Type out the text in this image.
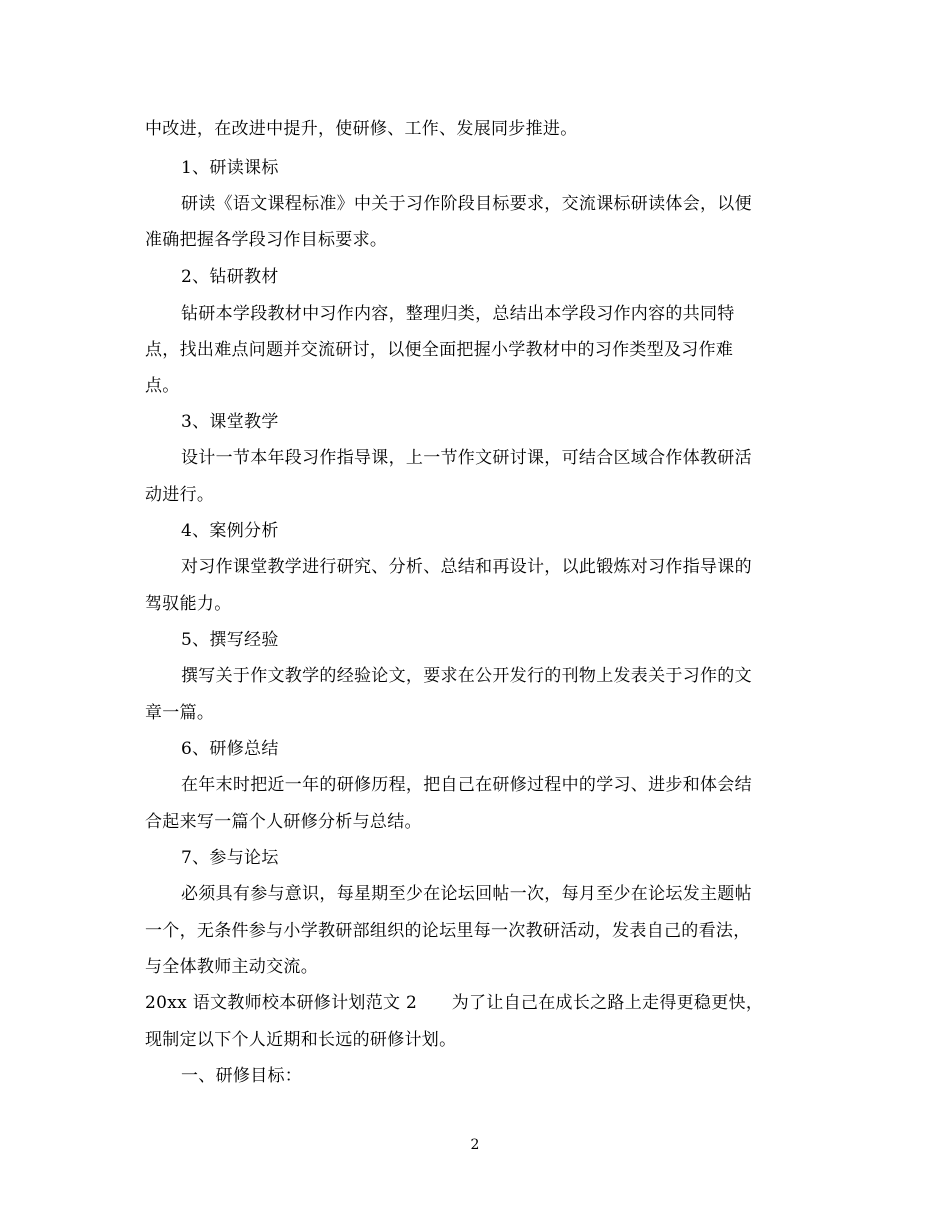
中改进，在改进中提升，使研修、工作、发展同步推进。
1、研读课标
研读《语文课程标准》中关于习作阶段目标要求，交流课标研读体会，以便
准确把握各学段习作目标要求。
2、钻研教材
钻研本学段教材中习作内容，整理归类，总结出本学段习作内容的共同特
点，找出难点问题并交流研讨，以便全面把握小学教材中的习作类型及习作难
点。
3、课堂教学
设计一节本年段习作指导课，上一节作文研讨课，可结合区域合作体教研活
动进行。
4、案例分析
对习作课堂教学进行研究、分析、总结和再设计，以此锻炼对习作指导课的
驾驭能力。
5、撰写经验
撰写关于作文教学的经验论文，要求在公开发行的刊物上发表关于习作的文
章一篇。
6、研修总结
在年末时把近一年的研修历程，把自己在研修过程中的学习、进步和体会结
合起来写一篇个人研修分析与总结。
7、参与论坛
必须具有参与意识，每星期至少在论坛回帖一次，每月至少在论坛发主题帖
一个，无条件参与小学教研部组织的论坛里每一次教研活动，发表自己的看法，
与全体教师主动交流。
20xx 语文教师校本研修计划范文 2　　为了让自己在成长之路上走得更稳更快，
现制定以下个人近期和长远的研修计划。
一、研修目标：
2
